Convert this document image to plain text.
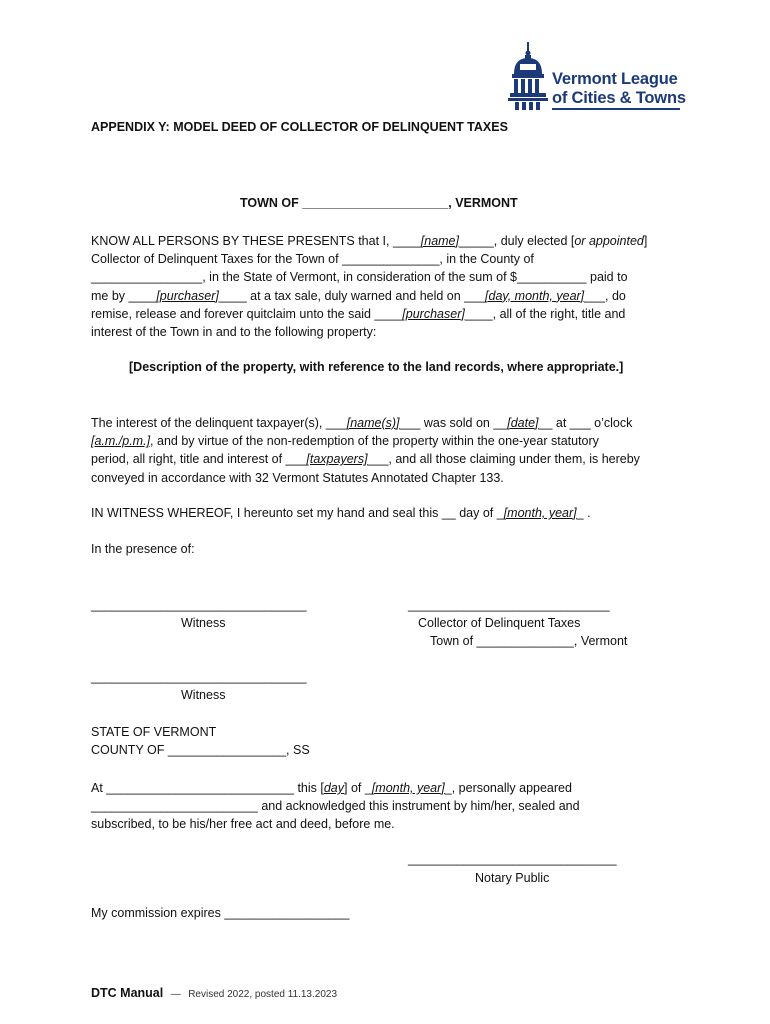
Vermont League
of Cities & Towns
APPENDIX Y: MODEL DEED OF COLLECTOR OF DELINQUENT TAXES
TOWN OF _____________________, VERMONT
KNOW ALL PERSONS BY THESE PRESENTS that I, ____[name]_____, duly elected [or appointed]
Collector of Delinquent Taxes for the Town of ______________, in the County of
________________, in the State of Vermont, in consideration of the sum of $__________ paid to
me by ____[purchaser]____ at a tax sale, duly warned and held on ___[day, month, year]___, do
remise, release and forever quitclaim unto the said ____[purchaser]____, all of the right, title and
interest of the Town in and to the following property:
[Description of the property, with reference to the land records, where appropriate.]
The interest of the delinquent taxpayer(s), ___[name(s)]___ was sold on __[date]__ at ___ o’clock
[a.m./p.m.], and by virtue of the non-redemption of the property within the one-year statutory
period, all right, title and interest of ___[taxpayers]___, and all those claiming under them, is hereby
conveyed in accordance with 32 Vermont Statutes Annotated Chapter 133.
IN WITNESS WHEREOF, I hereunto set my hand and seal this __ day of _[month, year]_ .
In the presence of:
_______________________________	_____________________________
Witness	Collector of Delinquent Taxes
Town of ______________, Vermont
_______________________________
Witness
STATE OF VERMONT
COUNTY OF _________________, SS
At ___________________________ this [day] of _[month, year]_, personally appeared
________________________ and acknowledged this instrument by him/her, sealed and
subscribed, to be his/her free act and deed, before me.
______________________________
Notary Public
My commission expires __________________
DTC Manual — Revised 2022, posted 11.13.2023
